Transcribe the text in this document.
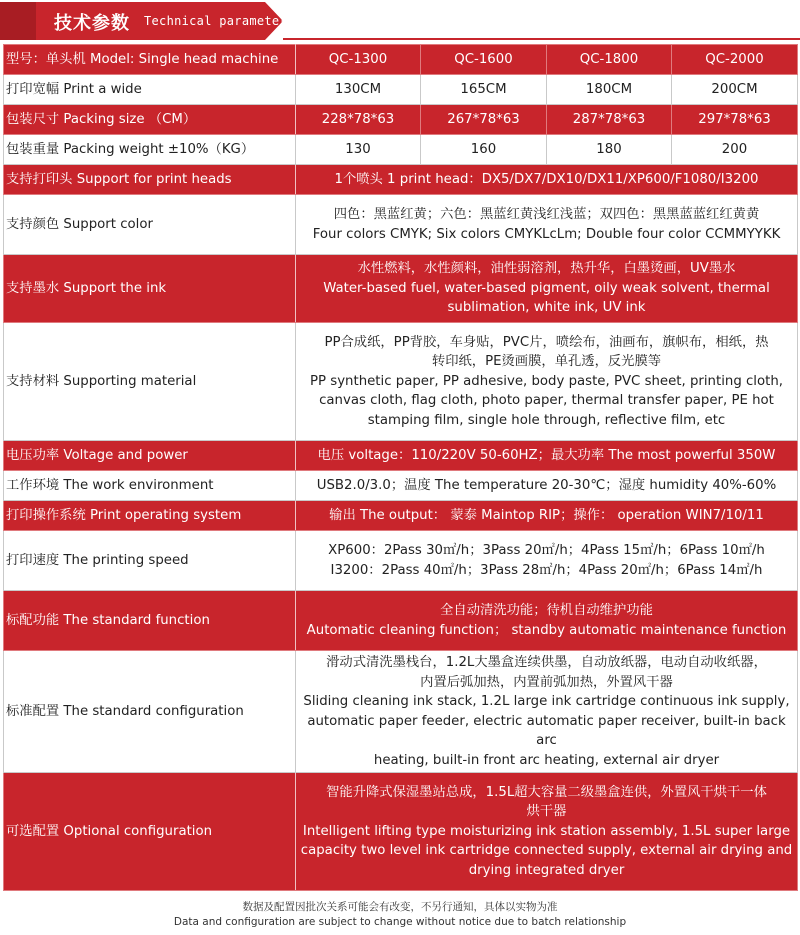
技术参数 Technical parameters
型号：单头机 Model: Single head machine	QC-1300	QC-1600	QC-1800	QC-2000
打印宽幅 Print a wide	130CM	165CM	180CM	200CM
包装尺寸 Packing size （CM）	228*78*63	267*78*63	287*78*63	297*78*63
包装重量 Packing weight ±10%（KG）	130	160	180	200
支持打印头 Support for print heads	1个喷头 1 print head：DX5/DX7/DX10/DX11/XP600/F1080/I3200			

支持颜色 Support color	四色：黑蓝红黄；六色：黑蓝红黄浅红浅蓝；双四色：黑黑蓝蓝红红黄黄
Four colors CMYK; Six colors CMYKLcLm; Double four color CCMMYYKK			

支持墨水 Support the ink	水性燃料，水性颜料，油性弱溶剂，热升华，白墨烫画，UV墨水
Water-based fuel, water-based pigment, oily weak solvent, thermal
sublimation, white ink, UV ink			

支持材料 Supporting material	PP合成纸，PP背胶，车身贴，PVC片，喷绘布，油画布，旗帜布，相纸，热
转印纸，PE烫画膜，单孔透，反光膜等
PP synthetic paper, PP adhesive, body paste, PVC sheet, printing cloth,
canvas cloth, flag cloth, photo paper, thermal transfer paper, PE hot
stamping film, single hole through, reflective film, etc			

电压功率 Voltage and power	电压 voltage：110/220V 50-60HZ；最大功率 The most powerful 350W			

工作环境 The work environment	USB2.0/3.0；温度 The temperature 20-30℃；湿度 humidity 40%-60%			

打印操作系统 Print operating system	输出 The output： 蒙泰 Maintop RIP；操作： operation WIN7/10/11			

打印速度 The printing speed	XP600：2Pass 30㎡/h；3Pass 20㎡/h；4Pass 15㎡/h；6Pass 10㎡/h
I3200：2Pass 40㎡/h；3Pass 28㎡/h；4Pass 20㎡/h；6Pass 14㎡/h			

标配功能 The standard function	全自动清洗功能；待机自动维护功能
Automatic cleaning function； standby automatic maintenance function			

标准配置 The standard configuration	滑动式清洗墨栈台，1.2L大墨盒连续供墨，自动放纸器，电动自动收纸器，
内置后弧加热，内置前弧加热，外置风干器
Sliding cleaning ink stack, 1.2L large ink cartridge continuous ink supply,
automatic paper feeder, electric automatic paper receiver, built-in back arc
heating, built-in front arc heating, external air dryer			

可选配置 Optional configuration	智能升降式保湿墨站总成，1.5L超大容量二级墨盒连供，外置风干烘干一体
烘干器
Intelligent lifting type moisturizing ink station assembly, 1.5L super large
capacity two level ink cartridge connected supply, external air drying and
drying integrated dryer			
数据及配置因批次关系可能会有改变，不另行通知，具体以实物为准
Data and configuration are subject to change without notice due to batch relationship
